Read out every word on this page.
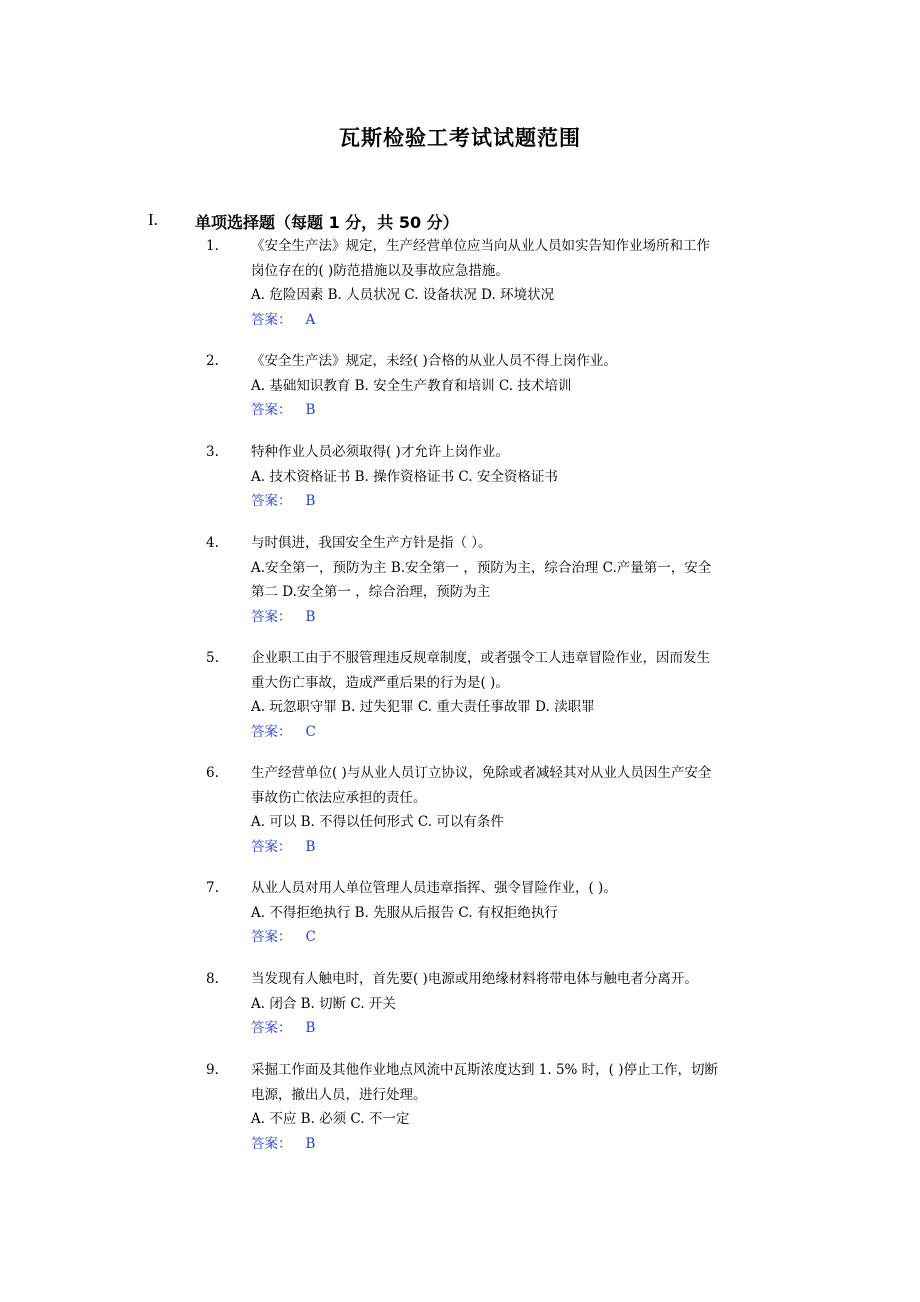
瓦斯检验工考试试题范围
I. 单项选择题（每题 1 分，共 50 分）
1. 《安全生产法》规定，生产经营单位应当向从业人员如实告知作业场所和工作
岗位存在的( )防范措施以及事故应急措施。
A. 危险因素 B. 人员状况 C. 设备状况 D. 环境状况
答案： A
2. 《安全生产法》规定，未经( )合格的从业人员不得上岗作业。
A. 基础知识教育 B. 安全生产教育和培训 C. 技术培训
答案： B
3. 特种作业人员必须取得( )才允许上岗作业。
A. 技术资格证书 B. 操作资格证书 C. 安全资格证书
答案： B
4. 与时俱进，我国安全生产方针是指（ ）。
A.安全第一，预防为主 B.安全第一 ，预防为主，综合治理 C.产量第一，安全
第二 D.安全第一 ，综合治理，预防为主
答案： B
5. 企业职工由于不服管理违反规章制度，或者强令工人违章冒险作业，因而发生
重大伤亡事故，造成严重后果的行为是( )。
A. 玩忽职守罪 B. 过失犯罪 C. 重大责任事故罪 D. 渎职罪
答案： C
6. 生产经营单位( )与从业人员订立协议，免除或者减轻其对从业人员因生产安全
事故伤亡依法应承担的责任。
A. 可以 B. 不得以任何形式 C. 可以有条件
答案： B
7. 从业人员对用人单位管理人员违章指挥、强令冒险作业，( )。
A. 不得拒绝执行 B. 先服从后报告 C. 有权拒绝执行
答案： C
8. 当发现有人触电时，首先要( )电源或用绝缘材料将带电体与触电者分离开。
A. 闭合 B. 切断 C. 开关
答案： B
9. 采掘工作面及其他作业地点风流中瓦斯浓度达到 1. 5% 时，( )停止工作，切断
电源，撤出人员，进行处理。
A. 不应 B. 必须 C. 不一定
答案： B
